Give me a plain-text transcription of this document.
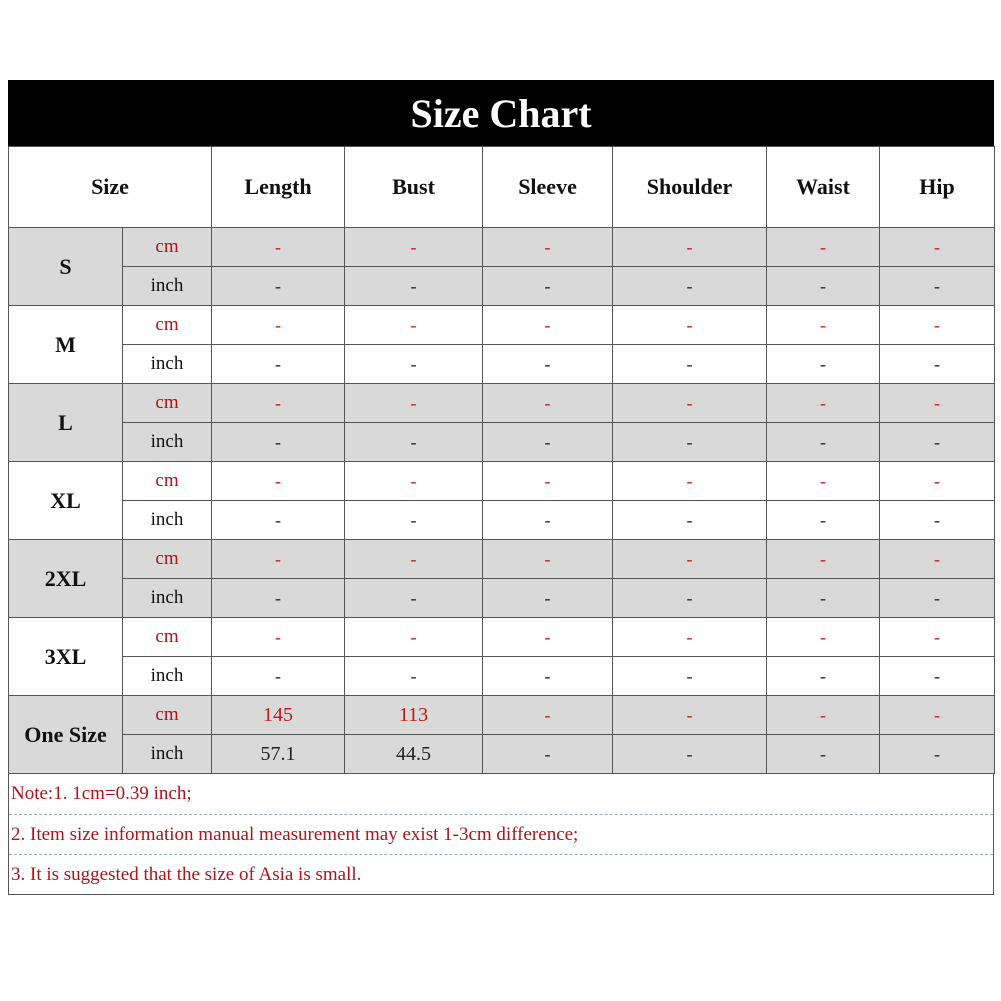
Size Chart
Size		Length	Bust	Sleeve	Shoulder	Waist	Hip
S	cm	-	-	-	-	-	-
	inch	-	-	-	-	-	-
M	cm	-	-	-	-	-	-
	inch	-	-	-	-	-	-
L	cm	-	-	-	-	-	-
	inch	-	-	-	-	-	-
XL	cm	-	-	-	-	-	-
	inch	-	-	-	-	-	-
2XL	cm	-	-	-	-	-	-
	inch	-	-	-	-	-	-
3XL	cm	-	-	-	-	-	-
	inch	-	-	-	-	-	-
One Size	cm	145	113	-	-	-	-
	inch	57.1	44.5	-	-	-	-
Note:1. 1cm=0.39 inch;
2. Item size information manual measurement may exist 1-3cm difference;
3. It is suggested that the size of Asia is small.
